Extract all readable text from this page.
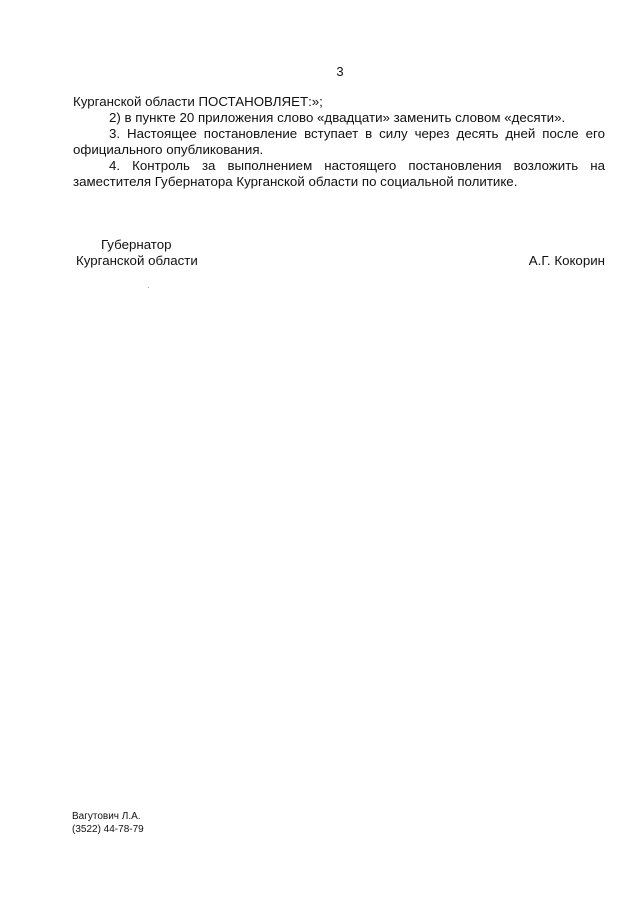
3

Курганской области ПОСТАНОВЛЯЕТ:»;

2) в пункте 20 приложения слово «двадцати» заменить словом «десяти».

3. Настоящее постановление вступает в силу через десять дней после его официального опубликования.

4. Контроль за выполнением настоящего постановления возложить на заместителя Губернатора Курганской области по социальной политике.

Губернатор
Курганской области	А.Г. Кокорин
Вагутович Л.А.
(3522) 44-78-79
